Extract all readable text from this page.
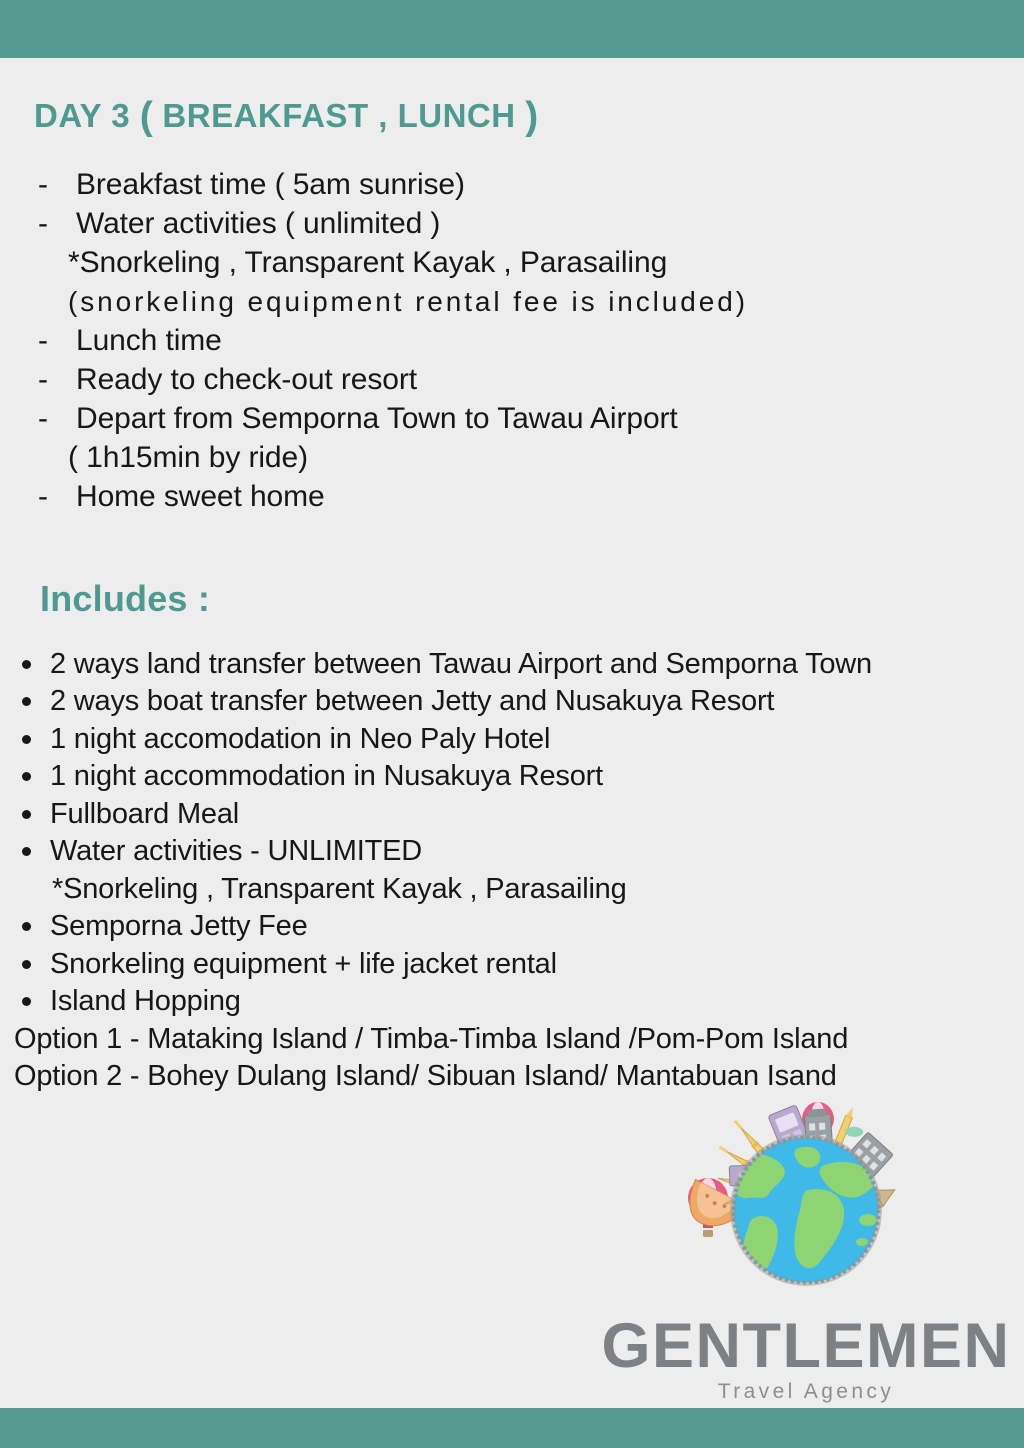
DAY 3 ( BREAKFAST , LUNCH )
- Breakfast time ( 5am sunrise)
- Water activities ( unlimited )
*Snorkeling , Transparent Kayak , Parasailing
(snorkeling equipment rental fee is included)
- Lunch time
- Ready to check-out resort
- Depart from Semporna Town to Tawau Airport
( 1h15min by ride)
- Home sweet home
Includes :
2 ways land transfer between Tawau Airport and Semporna Town
2 ways boat transfer between Jetty and Nusakuya Resort
1 night accomodation in Neo Paly Hotel
1 night accommodation in Nusakuya Resort
Fullboard Meal
Water activities - UNLIMITED
*Snorkeling , Transparent Kayak , Parasailing
Semporna Jetty Fee
Snorkeling equipment + life jacket rental
Island Hopping
Option 1 - Mataking Island / Timba-Timba Island /Pom-Pom Island
Option 2 - Bohey Dulang Island/ Sibuan Island/ Mantabuan Isand
GENTLEMEN
Travel Agency
